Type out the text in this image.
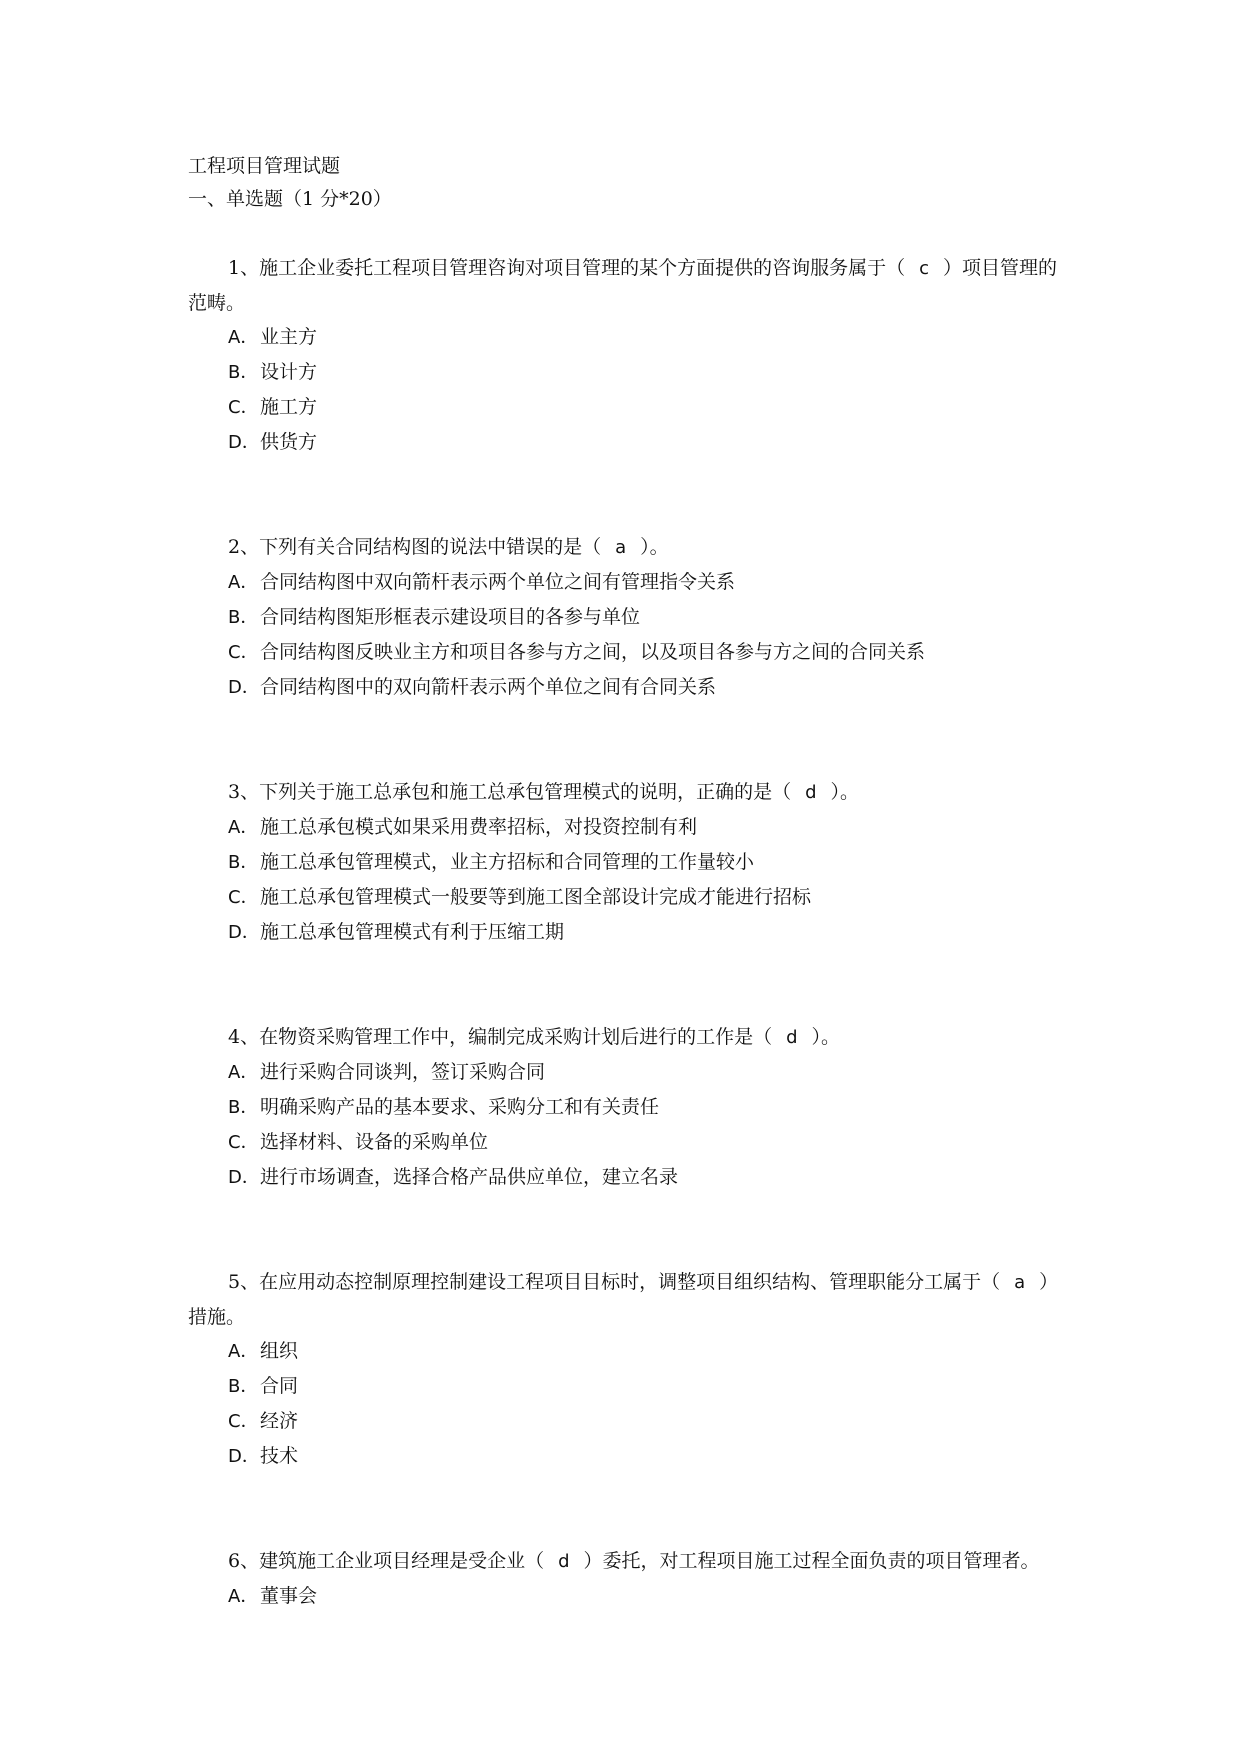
工程项目管理试题

一、单选题（1 分*20）

1、施工企业委托工程项目管理咨询对项目管理的某个方面提供的咨询服务属于（ c ）项目管理的范畴。

A．业主方
B．设计方
C．施工方
D．供货方

2、下列有关合同结构图的说法中错误的是（ a ）。

A．合同结构图中双向箭杆表示两个单位之间有管理指令关系
B．合同结构图矩形框表示建设项目的各参与单位
C．合同结构图反映业主方和项目各参与方之间，以及项目各参与方之间的合同关系
D．合同结构图中的双向箭杆表示两个单位之间有合同关系

3、下列关于施工总承包和施工总承包管理模式的说明，正确的是（ d ）。

A．施工总承包模式如果采用费率招标，对投资控制有利
B．施工总承包管理模式，业主方招标和合同管理的工作量较小
C．施工总承包管理模式一般要等到施工图全部设计完成才能进行招标
D．施工总承包管理模式有利于压缩工期

4、在物资采购管理工作中，编制完成采购计划后进行的工作是（ d ）。

A．进行采购合同谈判，签订采购合同
B．明确采购产品的基本要求、采购分工和有关责任
C．选择材料、设备的采购单位
D．进行市场调查，选择合格产品供应单位，建立名录

5、在应用动态控制原理控制建设工程项目目标时，调整项目组织结构、管理职能分工属于（ a ）措施。

A．组织
B．合同
C．经济
D．技术

6、建筑施工企业项目经理是受企业（ d ）委托，对工程项目施工过程全面负责的项目管理者。

A．董事会
